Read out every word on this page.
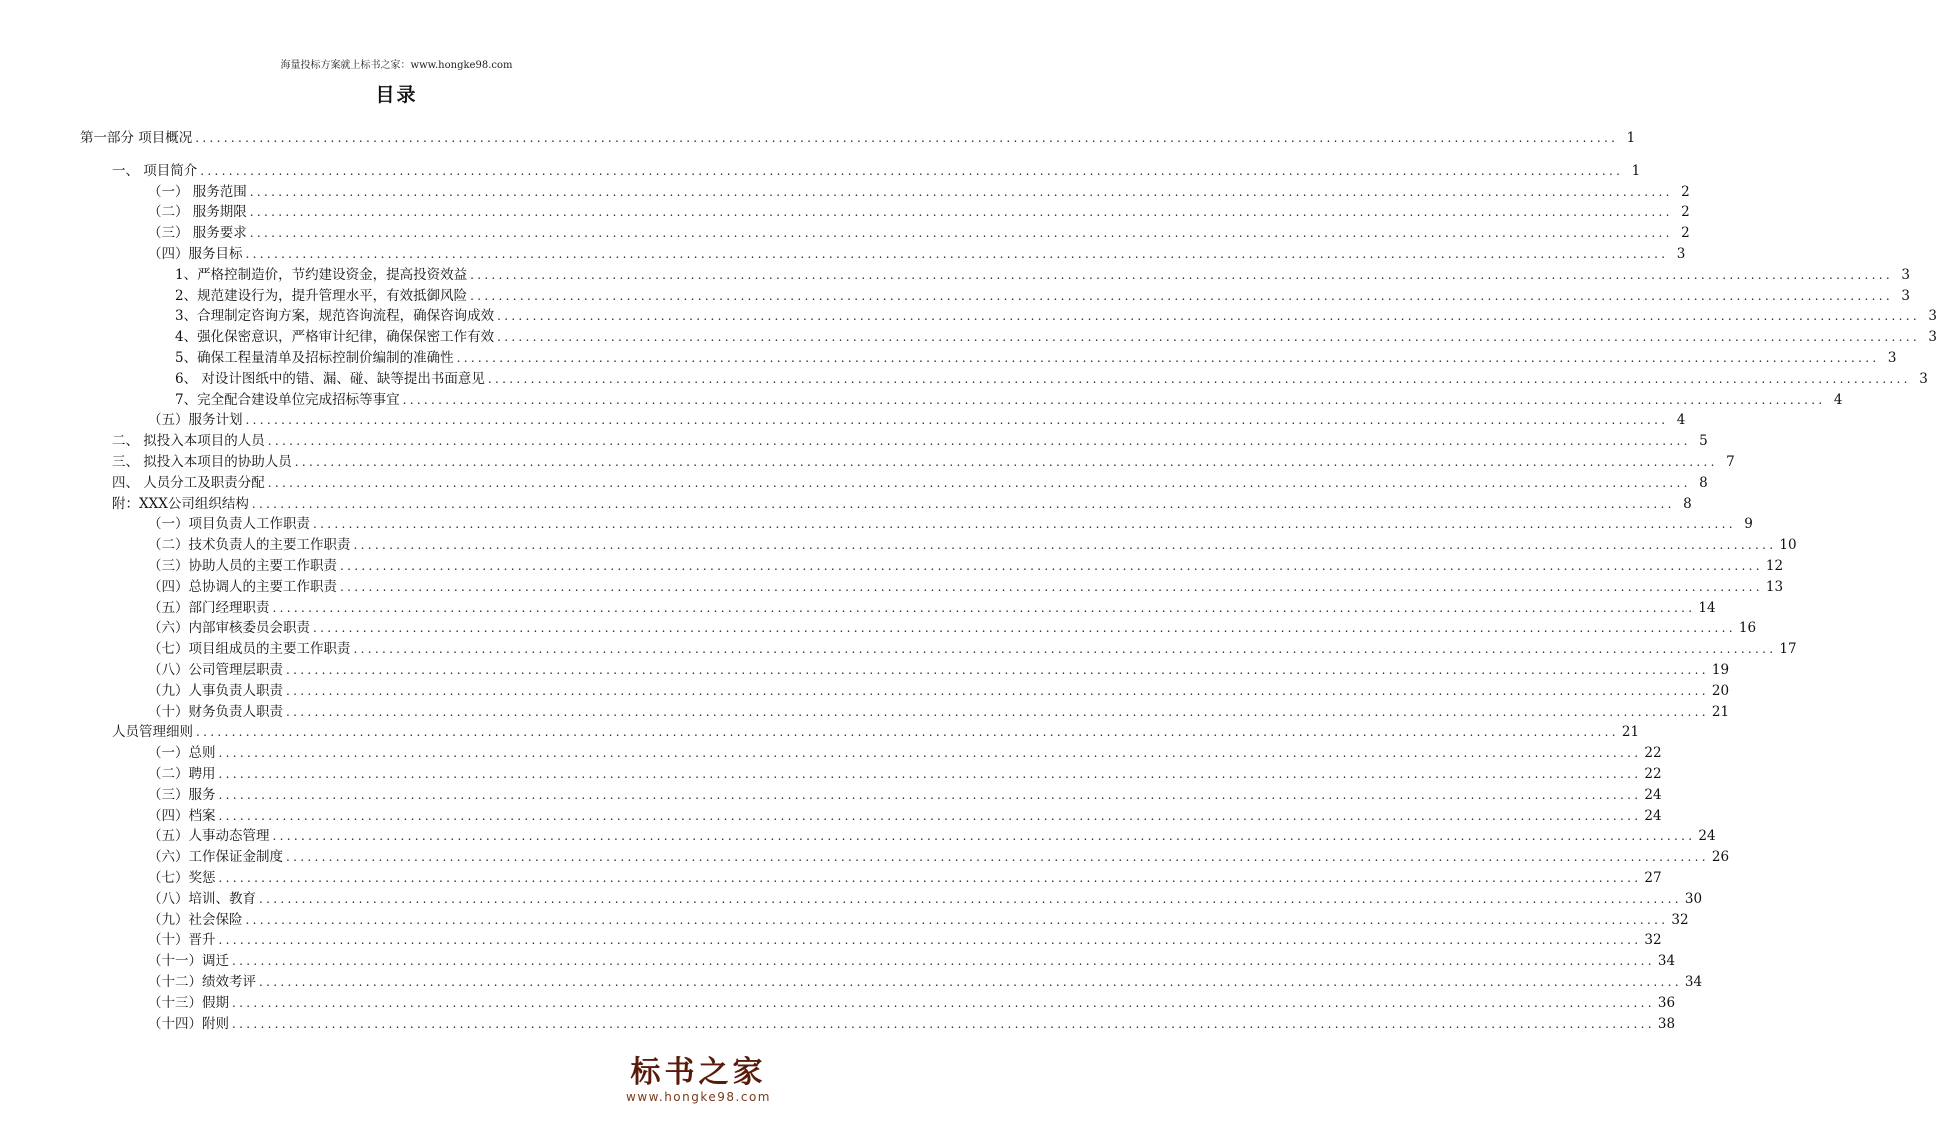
海量投标方案就上标书之家：www.hongke98.com
目录
第一部分 项目概况 ........................................................................................................................................................................................................ 1
一、 项目简介 ........................................................................................................................................................................................................ 1
（一） 服务范围 ........................................................................................................................................................................................................ 2
（二） 服务期限 ........................................................................................................................................................................................................ 2
（三） 服务要求 ........................................................................................................................................................................................................ 2
（四）服务目标 ........................................................................................................................................................................................................ 3
1、严格控制造价，节约建设资金，提高投资效益 ........................................................................................................................................................................................................ 3
2、规范建设行为，提升管理水平，有效抵御风险 ........................................................................................................................................................................................................ 3
3、合理制定咨询方案，规范咨询流程，确保咨询成效 ........................................................................................................................................................................................................ 3
4、强化保密意识，严格审计纪律，确保保密工作有效 ........................................................................................................................................................................................................ 3
5、确保工程量清单及招标控制价编制的准确性 ........................................................................................................................................................................................................ 3
6、 对设计图纸中的错、漏、碰、缺等提出书面意见 ........................................................................................................................................................................................................ 3
7、完全配合建设单位完成招标等事宜 ........................................................................................................................................................................................................ 4
（五）服务计划 ........................................................................................................................................................................................................ 4
二、 拟投入本项目的人员 ........................................................................................................................................................................................................ 5
三、 拟投入本项目的协助人员 ........................................................................................................................................................................................................ 7
四、 人员分工及职责分配 ........................................................................................................................................................................................................ 8
附：XXX公司组织结构 ........................................................................................................................................................................................................ 8
（一）项目负责人工作职责 ........................................................................................................................................................................................................ 9
（二）技术负责人的主要工作职责 ........................................................................................................................................................................................................ 10
（三）协助人员的主要工作职责 ........................................................................................................................................................................................................ 12
（四）总协调人的主要工作职责 ........................................................................................................................................................................................................ 13
（五）部门经理职责 ........................................................................................................................................................................................................ 14
（六）内部审核委员会职责 ........................................................................................................................................................................................................ 16
（七）项目组成员的主要工作职责 ........................................................................................................................................................................................................ 17
（八）公司管理层职责 ........................................................................................................................................................................................................ 19
（九）人事负责人职责 ........................................................................................................................................................................................................ 20
（十）财务负责人职责 ........................................................................................................................................................................................................ 21
人员管理细则 ........................................................................................................................................................................................................ 21
（一）总则 ........................................................................................................................................................................................................ 22
（二）聘用 ........................................................................................................................................................................................................ 22
（三）服务 ........................................................................................................................................................................................................ 24
（四）档案 ........................................................................................................................................................................................................ 24
（五）人事动态管理 ........................................................................................................................................................................................................ 24
（六）工作保证金制度 ........................................................................................................................................................................................................ 26
（七）奖惩 ........................................................................................................................................................................................................ 27
（八）培训、教育 ........................................................................................................................................................................................................ 30
（九）社会保险 ........................................................................................................................................................................................................ 32
（十）晋升 ........................................................................................................................................................................................................ 32
（十一）调迁 ........................................................................................................................................................................................................ 34
（十二）绩效考评 ........................................................................................................................................................................................................ 34
（十三）假期 ........................................................................................................................................................................................................ 36
（十四）附则 ........................................................................................................................................................................................................ 38
标书之家
www.hongke98.com
